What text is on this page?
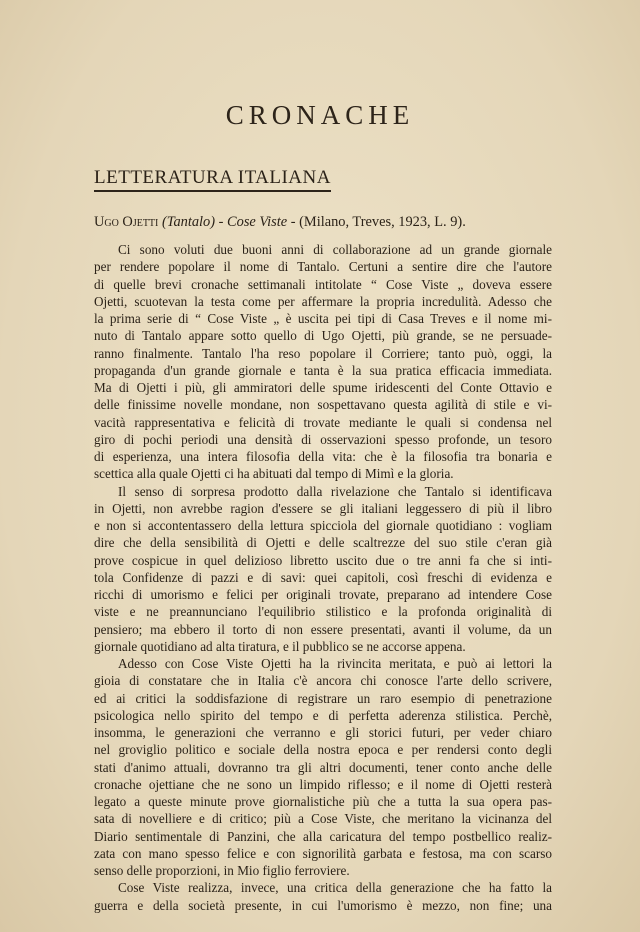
CRONACHE
LETTERATURA ITALIANA
Ugo Ojetti (Tantalo) - Cose Viste - (Milano, Treves, 1923, L. 9).
Ci sono voluti due buoni anni di collaborazione ad un grande giornale
per rendere popolare il nome di Tantalo. Certuni a sentire dire che l'autore
di quelle brevi cronache settimanali intitolate “ Cose Viste „ doveva essere
Ojetti, scuotevan la testa come per affermare la propria incredulità. Adesso che
la prima serie di “ Cose Viste „ è uscita pei tipi di Casa Treves e il nome mi-
nuto di Tantalo appare sotto quello di Ugo Ojetti, più grande, se ne persuade-
ranno finalmente. Tantalo l'ha reso popolare il Corriere; tanto può, oggi, la
propaganda d'un grande giornale e tanta è la sua pratica efficacia immediata.
Ma di Ojetti i più, gli ammiratori delle spume iridescenti del Conte Ottavio e
delle finissime novelle mondane, non sospettavano questa agilità di stile e vi-
vacità rappresentativa e felicità di trovate mediante le quali si condensa nel
giro di pochi periodi una densità di osservazioni spesso profonde, un tesoro
di esperienza, una intera filosofia della vita: che è la filosofia tra bonaria e
scettica alla quale Ojetti ci ha abituati dal tempo di Mimì e la gloria.
Il senso di sorpresa prodotto dalla rivelazione che Tantalo si identificava
in Ojetti, non avrebbe ragion d'essere se gli italiani leggessero di più il libro
e non si accontentassero della lettura spicciola del giornale quotidiano : vogliam
dire che della sensibilità di Ojetti e delle scaltrezze del suo stile c'eran già
prove cospicue in quel delizioso libretto uscito due o tre anni fa che si inti-
tola Confidenze di pazzi e di savi: quei capitoli, così freschi di evidenza e
ricchi di umorismo e felici per originali trovate, preparano ad intendere Cose
viste e ne preannunciano l'equilibrio stilistico e la profonda originalità di
pensiero; ma ebbero il torto di non essere presentati, avanti il volume, da un
giornale quotidiano ad alta tiratura, e il pubblico se ne accorse appena.
Adesso con Cose Viste Ojetti ha la rivincita meritata, e può ai lettori la
gioia di constatare che in Italia c'è ancora chi conosce l'arte dello scrivere,
ed ai critici la soddisfazione di registrare un raro esempio di penetrazione
psicologica nello spirito del tempo e di perfetta aderenza stilistica. Perchè,
insomma, le generazioni che verranno e gli storici futuri, per veder chiaro
nel groviglio politico e sociale della nostra epoca e per rendersi conto degli
stati d'animo attuali, dovranno tra gli altri documenti, tener conto anche delle
cronache ojettiane che ne sono un limpido riflesso; e il nome di Ojetti resterà
legato a queste minute prove giornalistiche più che a tutta la sua opera pas-
sata di novelliere e di critico; più a Cose Viste, che meritano la vicinanza del
Diario sentimentale di Panzini, che alla caricatura del tempo postbellico realiz-
zata con mano spesso felice e con signorilità garbata e festosa, ma con scarso
senso delle proporzioni, in Mio figlio ferroviere.
Cose Viste realizza, invece, una critica della generazione che ha fatto la
guerra e della società presente, in cui l'umorismo è mezzo, non fine; una
